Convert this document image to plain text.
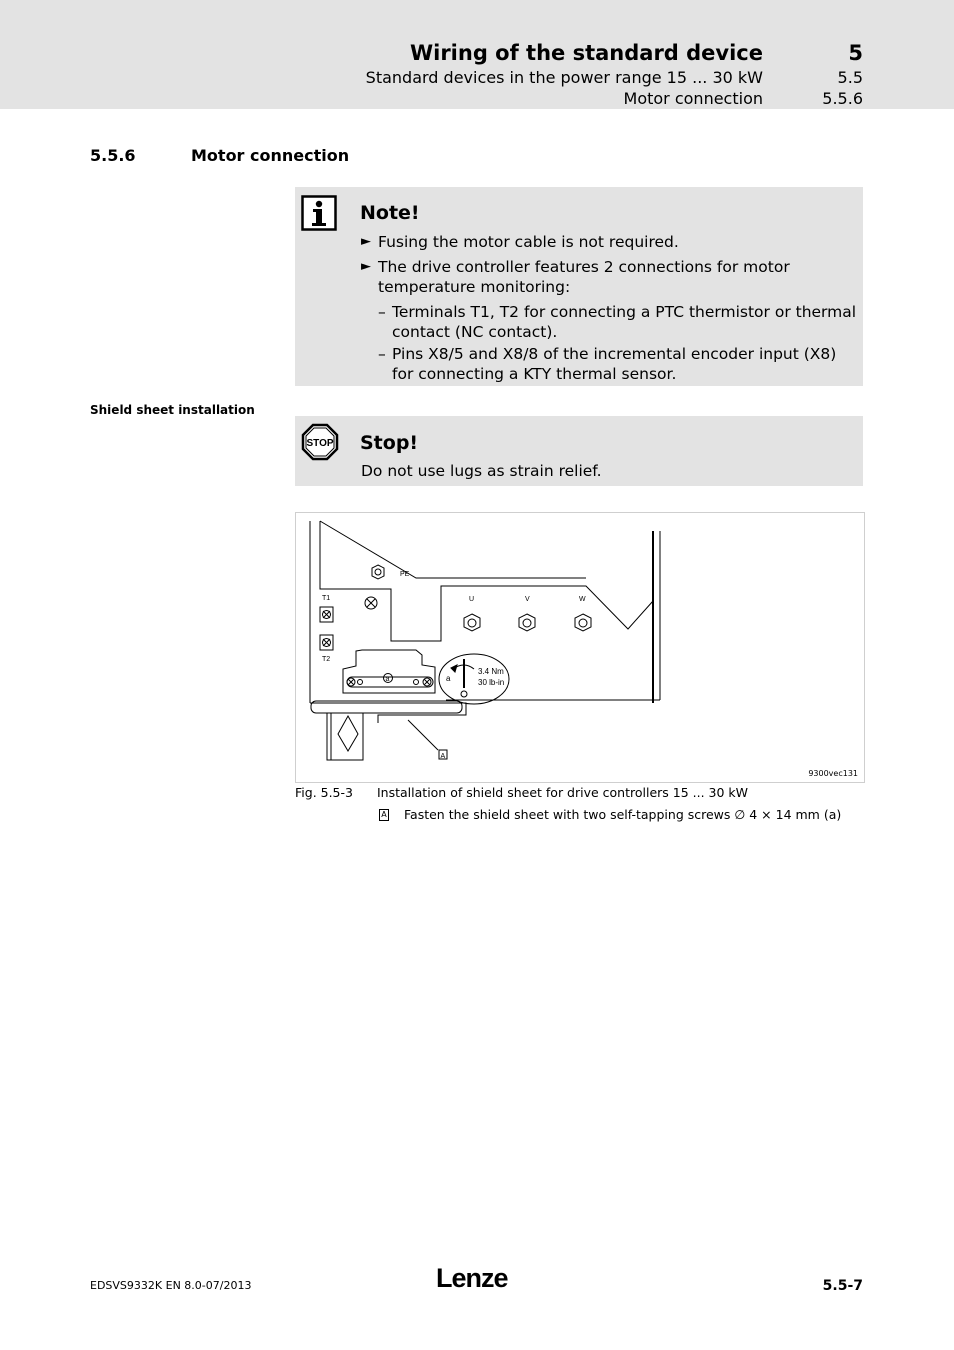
Wiring of the standard device	5
Standard devices in the power range 15 ... 30 kW	5.5
Motor connection	5.5.6
5.5.6	Motor connection
Note!
► Fusing the motor cable is not required.
► The drive controller features 2 connections for motor temperature monitoring:
– Terminals T1, T2 for connecting a PTC thermistor or thermal contact (NC contact).
– Pins X8/5 and X8/8 of the incremental encoder input (X8) for connecting a KTY thermal sensor.
Shield sheet installation
STOP Stop!
Do not use lugs as strain relief.
PE
T1
T2
U	V	W
3.4 Nm
30 lb-in
a
a
A
9300vec131
Fig. 5.5-3 Installation of shield sheet for drive controllers 15 ... 30 kW
A Fasten the shield sheet with two self-tapping screws ∅ 4 × 14 mm (a)
EDSVS9332K EN 8.0-07/2013	Lenze	5.5-7
